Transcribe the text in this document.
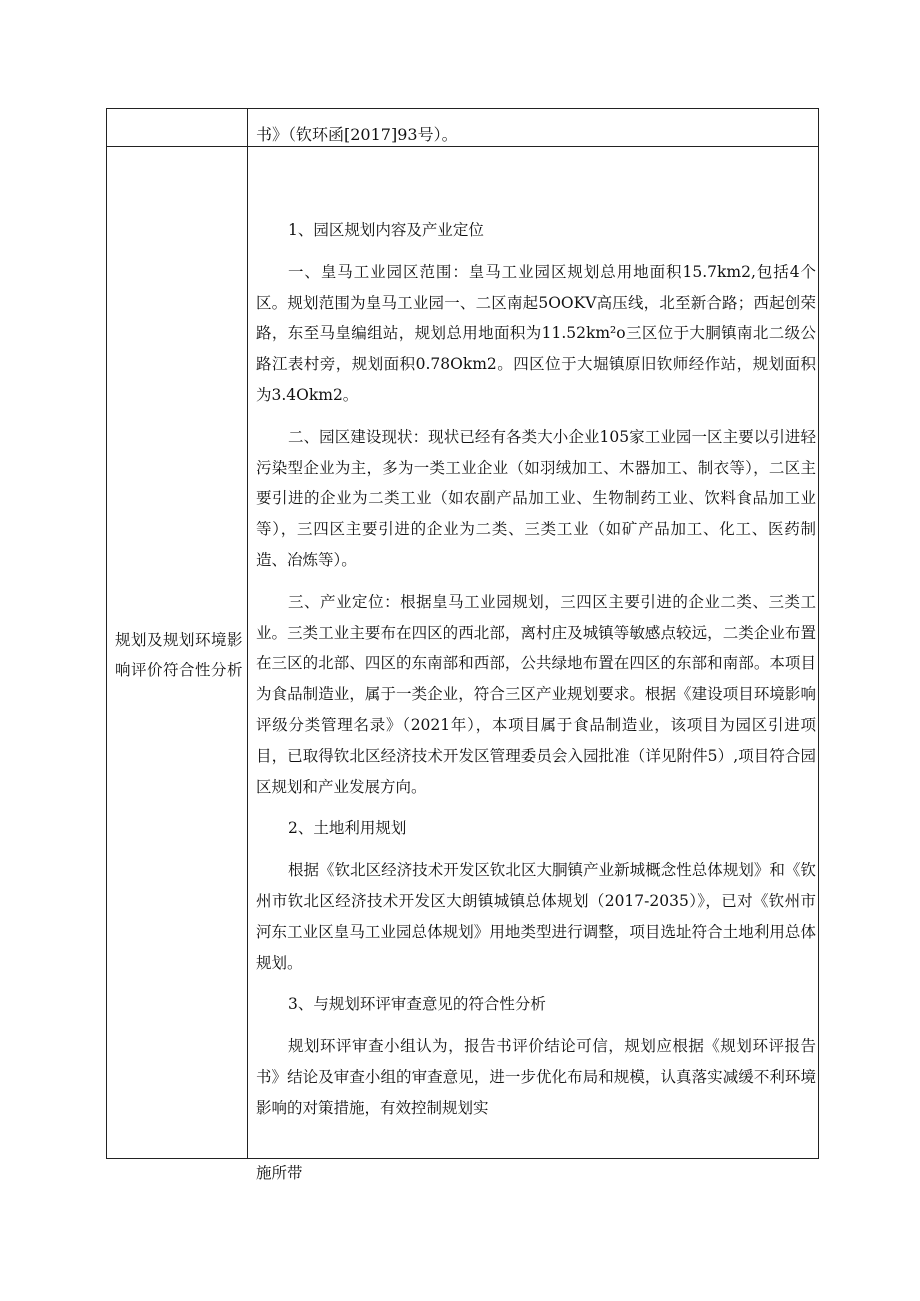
书》（钦环函[2017]93号）。
规划及规划环境影
响评价符合性分析

1、园区规划内容及产业定位

一、皇马工业园区范围：皇马工业园区规划总用地面积15.7km2,包括4个区。规划范围为皇马工业园一、二区南起5OOKV高压线，北至新合路；西起创荣路，东至马皇编组站，规划总用地面积为11.52km²o三区位于大胴镇南北二级公路江表村旁，规划面积0.78Okm2。四区位于大堀镇原旧钦师经作站，规划面积为3.4Okm2。

二、园区建设现状：现状已经有各类大小企业105家工业园一区主要以引进轻污染型企业为主，多为一类工业企业（如羽绒加工、木器加工、制衣等），二区主要引进的企业为二类工业（如农副产品加工业、生物制药工业、饮料食品加工业等），三四区主要引进的企业为二类、三类工业（如矿产品加工、化工、医药制造、冶炼等）。

三、产业定位：根据皇马工业园规划，三四区主要引进的企业二类、三类工业。三类工业主要布在四区的西北部，离村庄及城镇等敏感点较远，二类企业布置在三区的北部、四区的东南部和西部，公共绿地布置在四区的东部和南部。本项目为食品制造业，属于一类企业，符合三区产业规划要求。根据《建设项目环境影响评级分类管理名录》（2021年），本项目属于食品制造业，该项目为园区引进项目，已取得钦北区经济技术开发区管理委员会入园批准（详见附件5）,项目符合园区规划和产业发展方向。

2、土地利用规划

根据《钦北区经济技术开发区钦北区大胴镇产业新城概念性总体规划》和《钦州市钦北区经济技术开发区大朗镇城镇总体规划（2017-2035）》，已对《钦州市河东工业区皇马工业园总体规划》用地类型进行调整，项目选址符合土地利用总体规划。

3、与规划环评审查意见的符合性分析

规划环评审查小组认为，报告书评价结论可信，规划应根据《规划环评报告书》结论及审查小组的审查意见，进一步优化布局和规模，认真落实减缓不利环境影响的对策措施，有效控制规划实

施所带
